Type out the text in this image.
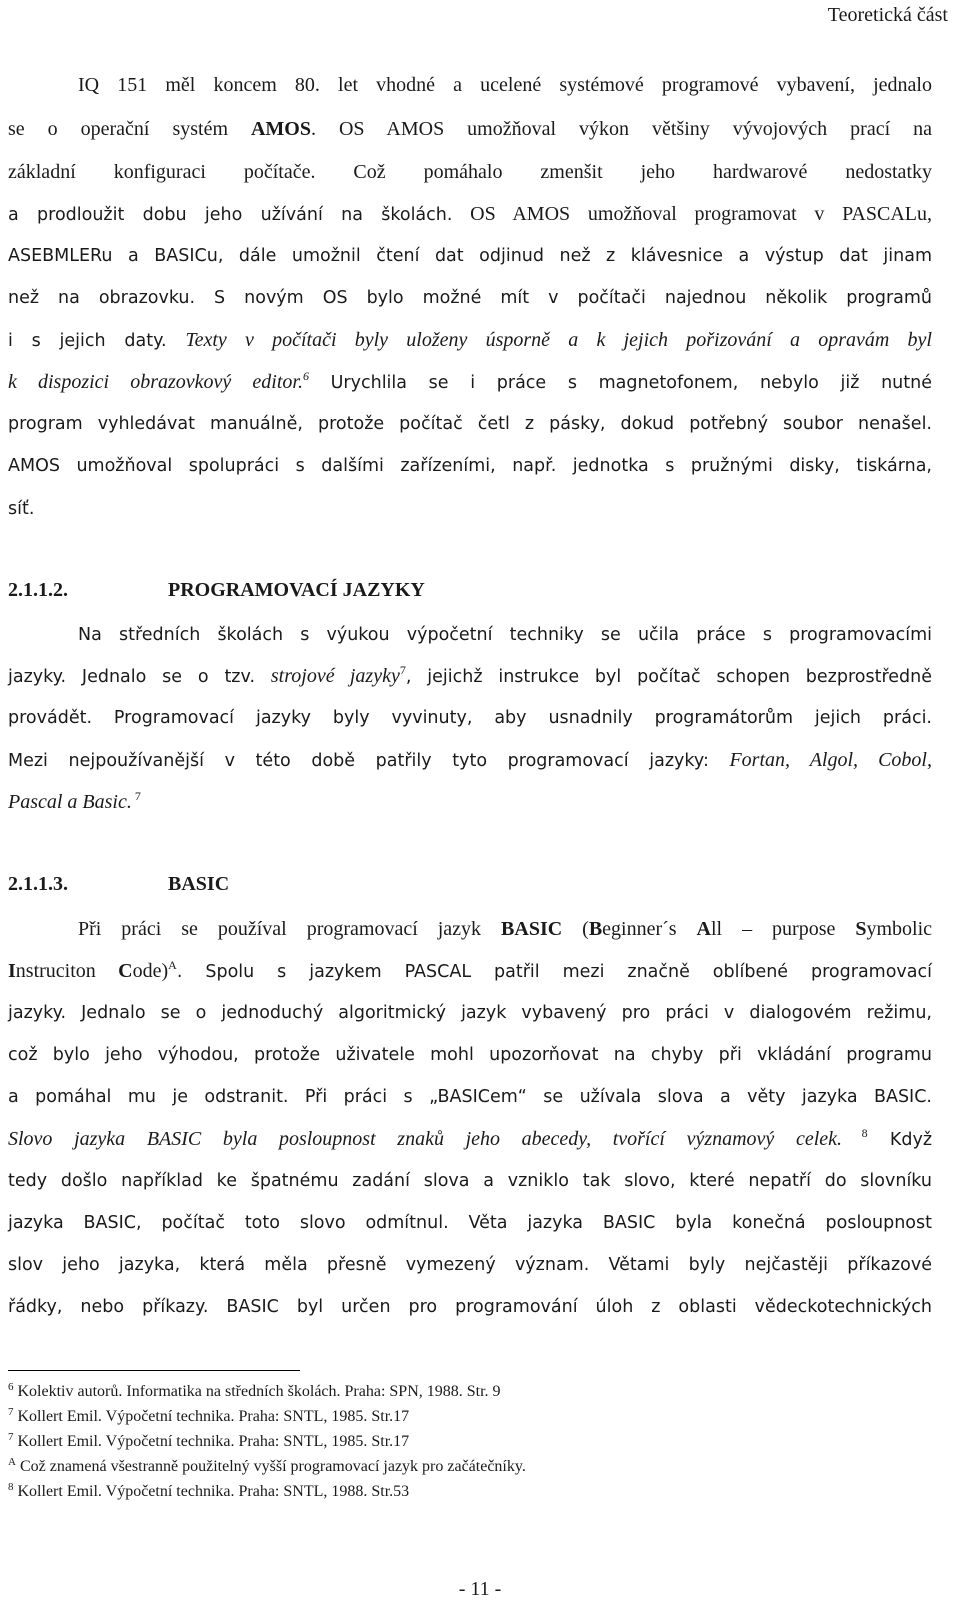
Teoretická část
IQ 151 měl koncem 80. let vhodné a ucelené systémové programové vybavení, jednalo
se o operační systém AMOS. OS AMOS umožňoval výkon většiny vývojových prací na
základní konfiguraci počítače. Což pomáhalo zmenšit jeho hardwarové nedostatky
a prodloužit dobu jeho užívání na školách. OS AMOS umožňoval programovat v PASCALu,
ASEBMLERu a BASICu, dále umožnil čtení dat odjinud než z klávesnice a výstup dat jinam
než na obrazovku. S novým OS bylo možné mít v počítači najednou několik programů
i s jejich daty. Texty v počítači byly uloženy úsporně a k jejich pořizování a opravám byl
k dispozici obrazovkový editor.$^6$ Urychlila se i práce s magnetofonem, nebylo již nutné
program vyhledávat manuálně, protože počítač četl z pásky, dokud potřebný soubor nenašel.
AMOS umožňoval spolupráci s dalšími zařízeními, např. jednotka s pružnými disky, tiskárna,
síť.
2.1.1.2.	PROGRAMOVACÍ JAZYKY
Na středních školách s výukou výpočetní techniky se učila práce s programovacími
jazyky. Jednalo se o tzv. strojové jazyky$^7$, jejichž instrukce byl počítač schopen bezprostředně
provádět. Programovací jazyky byly vyvinuty, aby usnadnily programátorům jejich práci.
Mezi nejpoužívanější v této době patřily tyto programovací jazyky: Fortan, Algol, Cobol,
Pascal a Basic. $^7$
2.1.1.3.	BASIC
Při práci se používal programovací jazyk BASIC (Beginner´s All – purpose Symbolic
Instruciton Code)$^A$. Spolu s jazykem PASCAL patřil mezi značně oblíbené programovací
jazyky. Jednalo se o jednoduchý algoritmický jazyk vybavený pro práci v dialogovém režimu,
což bylo jeho výhodou, protože uživatele mohl upozorňovat na chyby při vkládání programu
a pomáhal mu je odstranit. Při práci s „BASICem“ se užívala slova a věty jazyka BASIC.
Slovo jazyka BASIC byla posloupnost znaků jeho abecedy, tvořící významový celek. $^8$ Když
tedy došlo například ke špatnému zadání slova a vzniklo tak slovo, které nepatří do slovníku
jazyka BASIC, počítač toto slovo odmítnul. Věta jazyka BASIC byla konečná posloupnost
slov jeho jazyka, která měla přesně vymezený význam. Větami byly nejčastěji příkazové
řádky, nebo příkazy. BASIC byl určen pro programování úloh z oblasti vědeckotechnických
$^6$ Kolektiv autorů. Informatika na středních školách. Praha: SPN, 1988. Str. 9
$^7$ Kollert Emil. Výpočetní technika. Praha: SNTL, 1985. Str.17
$^7$ Kollert Emil. Výpočetní technika. Praha: SNTL, 1985. Str.17
$^A$ Což znamená všestranně použitelný vyšší programovací jazyk pro začátečníky.
$^8$ Kollert Emil. Výpočetní technika. Praha: SNTL, 1988. Str.53
- 11 -
